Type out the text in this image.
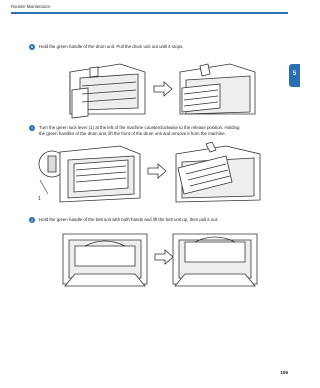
Routine Maintenance
5
h	Hold the green handle of the drum unit. Pull the drum unit out until it stops.
i	Turn the green lock lever (1) at the left of the machine counterclockwise to the release position. Holding
the green handles of the drum unit, lift the front of the drum unit and remove it from the machine.
1
j	Hold the green handle of the belt unit with both hands and lift the belt unit up, then pull it out.
106
